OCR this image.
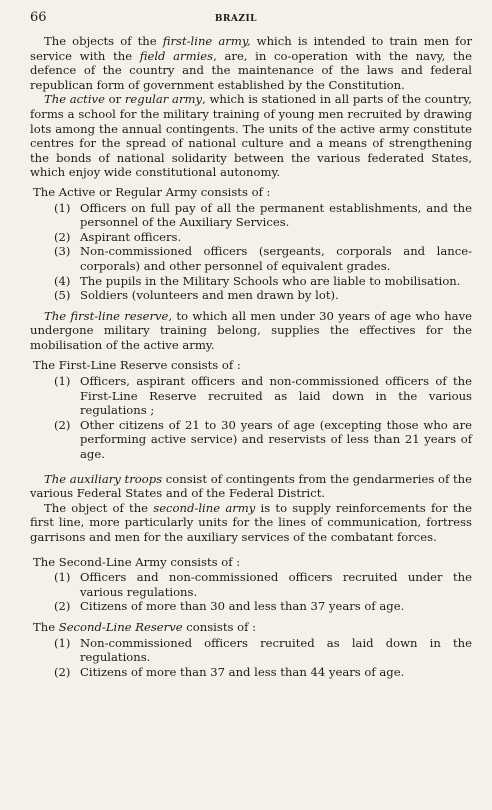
66	BRAZIL

The objects of the first-line army, which is intended to train men for service with the field armies, are, in co-operation with the navy, the defence of the country and the maintenance of the laws and federal republican form of government established by the Constitution.

The active or regular army, which is stationed in all parts of the country, forms a school for the military training of young men recruited by drawing lots among the annual contingents. The units of the active army constitute centres for the spread of national culture and a means of strengthening the bonds of national solidarity between the various federated States, which enjoy wide constitutional autonomy.

The Active or Regular Army consists of :

(1) Officers on full pay of all the permanent establishments, and the personnel of the Auxiliary Services.
(2) Aspirant officers.
(3) Non-commissioned officers (sergeants, corporals and lance-corporals) and other personnel of equivalent grades.
(4) The pupils in the Military Schools who are liable to mobilisation.
(5) Soldiers (volunteers and men drawn by lot).

The first-line reserve, to which all men under 30 years of age who have undergone military training belong, supplies the effectives for the mobilisation of the active army.

The First-Line Reserve consists of :

(1) Officers, aspirant officers and non-commissioned officers of the First-Line Reserve recruited as laid down in the various regulations ;
(2) Other citizens of 21 to 30 years of age (excepting those who are performing active service) and reservists of less than 21 years of age.

The auxiliary troops consist of contingents from the gendarmeries of the various Federal States and of the Federal District.

The object of the second-line army is to supply reinforcements for the first line, more particularly units for the lines of communication, fortress garrisons and men for the auxiliary services of the combatant forces.

The Second-Line Army consists of :

(1) Officers and non-commissioned officers recruited under the various regulations.
(2) Citizens of more than 30 and less than 37 years of age.

The Second-Line Reserve consists of :

(1) Non-commissioned officers recruited as laid down in the regulations.
(2) Citizens of more than 37 and less than 44 years of age.
